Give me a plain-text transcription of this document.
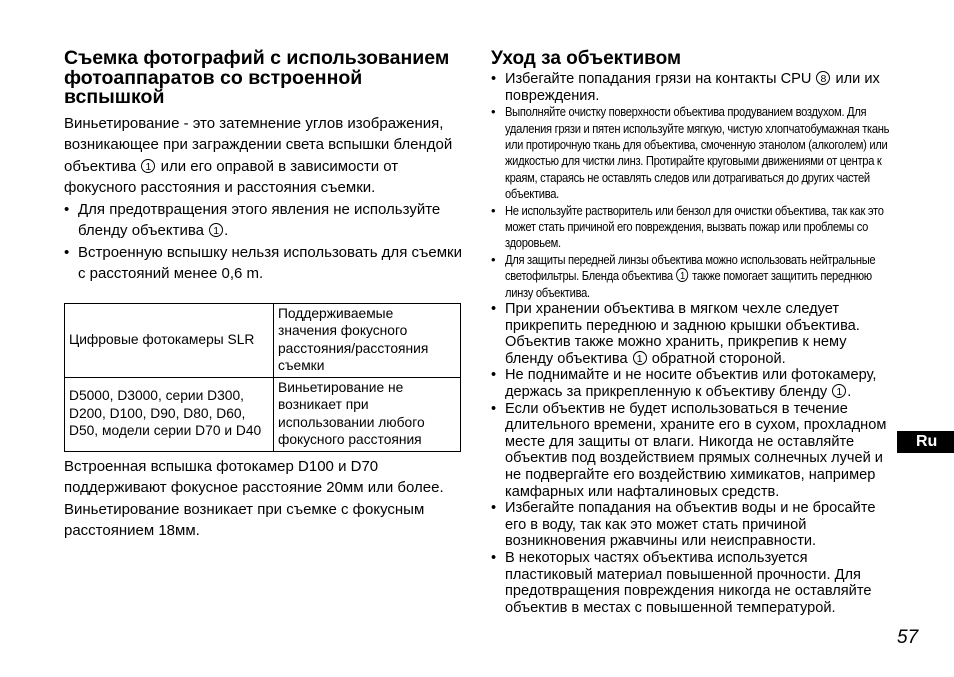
Съемка фотографий с использованием фотоаппаратов со встроенной вспышкой

Виньетирование - это затемнение углов изображения, возникающее при заграждении света вспышки блендой объектива 1 или его оправой в зависимости от фокусного расстояния и расстояния съемки.

• Для предотвращения этого явления не используйте бленду объектива 1 .
• Встроенную вспышку нельзя использовать для съемки с расстояний менее 0,6 m.
Цифровые фотокамеры SLR	Поддерживаемые значения фокусного расстояния/расстояния съемки
D5000, D3000, серии D300, D200, D100, D90, D80, D60, D50, модели серии D70 и D40	Виньетирование не возникает при использовании любого фокусного расстояния

Встроенная вспышка фотокамер D100 и D70 поддерживают фокусное расстояние 20мм или более.

Виньетирование возникает при съемке с фокусным расстоянием 18мм.

Уход за объективом
• Избегайте попадания грязи на контакты CPU 8 или их повреждения.
• Выполняйте очистку поверхности объектива продуванием воздухом. Для удаления грязи и пятен используйте мягкую, чистую хлопчатобумажная ткань или протирочную ткань для объектива, смоченную этанолом (алкоголем) или жидкостью для чистки линз. Протирайте круговыми движениями от центра к краям, стараясь не оставлять следов или дотрагиваться до других частей объектива.
• Не используйте растворитель или бензол для очистки объектива, так как это может стать причиной его повреждения, вызвать пожар или проблемы со здоровьем.
• Для защиты передней линзы объектива можно использовать нейтральные светофильтры. Бленда объектива 1 также помогает защитить переднюю линзу объектива.
• При хранении объектива в мягком чехле следует прикрепить переднюю и заднюю крышки объектива. Объектив также можно хранить, прикрепив к нему бленду объектива 1 обратной стороной.
• Не поднимайте и не носите объектив или фотокамеру, держась за прикрепленную к объективу бленду 1 .
• Если объектив не будет использоваться в течение длительного времени, храните его в сухом, прохладном месте для защиты от влаги. Никогда не оставляйте объектив под воздействием прямых солнечных лучей и не подвергайте его воздействию химикатов, например камфарных или нафталиновых средств.
• Избегайте попадания на объектив воды и не бросайте его в воду, так как это может стать причиной возникновения ржавчины или неисправности.
• В некоторых частях объектива используется пластиковый материал повышенной прочности. Для предотвращения повреждения никогда не оставляйте объектив в местах с повышенной температурой.
Ru
57
